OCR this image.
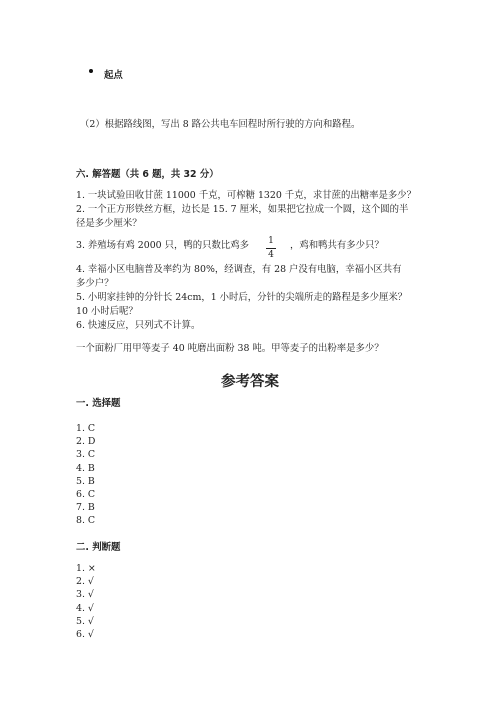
起点
（2）根据路线图，写出 8 路公共电车回程时所行驶的方向和路程。
六. 解答题（共 6 题，共 32 分）
1. 一块试验田收甘蔗 11000 千克，可榨糖 1320 千克，求甘蔗的出糖率是多少？
2. 一个正方形铁丝方框，边长是 15. 7 厘米，如果把它拉成一个圆，这个圆的半
径是多少厘米？
3. 养殖场有鸡 2000 只，鸭的只数比鸡多	1
4
，鸡和鸭共有多少只？
4. 幸福小区电脑普及率约为 80%，经调查，有 28 户没有电脑，幸福小区共有
多少户？
5. 小明家挂钟的分针长 24cm，1 小时后，分针的尖端所走的路程是多少厘米？
10 小时后呢？
6. 快速反应，只列式不计算。
一个面粉厂用甲等麦子 40 吨磨出面粉 38 吨。甲等麦子的出粉率是多少？
参考答案
一. 选择题
1. C
2. D
3. C
4. B
5. B
6. C
7. B
8. C
二. 判断题
1. ×
2. √
3. √
4. √
5. √
6. √
